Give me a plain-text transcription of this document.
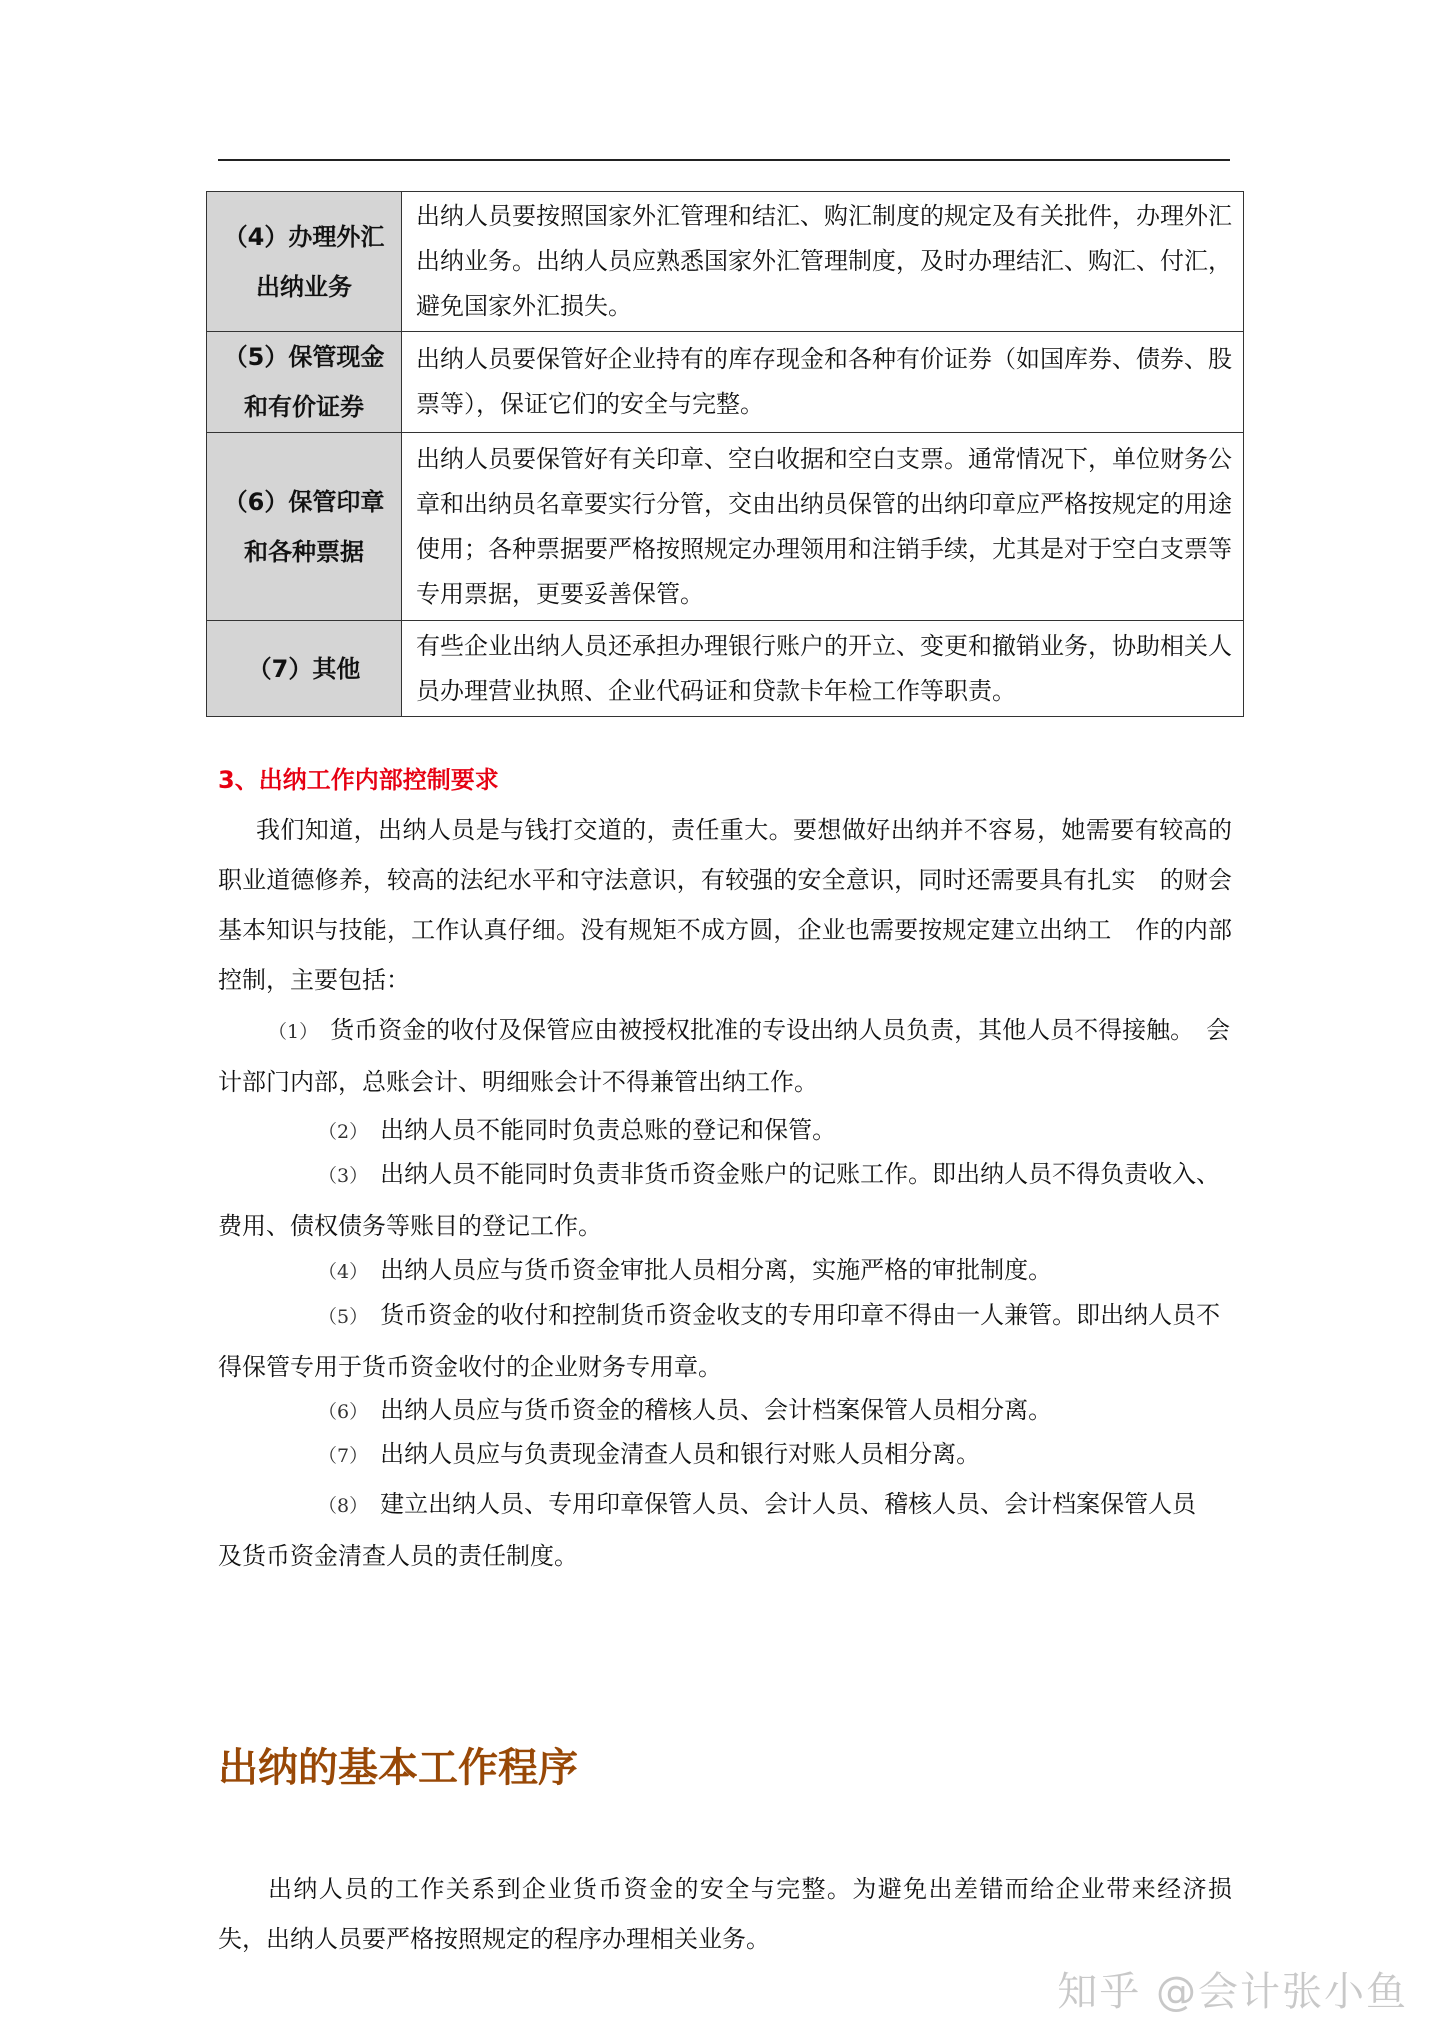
（4）办理外汇
出纳业务	出纳人员要按照国家外汇管理和结汇、购汇制度的规定及有关批件，办理外汇出纳业务。出纳人员应熟悉国家外汇管理制度，及时办理结汇、购汇、付汇，避免国家外汇损失。

（5）保管现金
和有价证券	出纳人员要保管好企业持有的库存现金和各种有价证券（如国库券、债券、股票等），保证它们的安全与完整。

（6）保管印章
和各种票据	出纳人员要保管好有关印章、空白收据和空白支票。通常情况下，单位财务公章和出纳员名章要实行分管，交由出纳员保管的出纳印章应严格按规定的用途使用；各种票据要严格按照规定办理领用和注销手续，尤其是对于空白支票等专用票据，更要妥善保管。

（7）其他	有些企业出纳人员还承担办理银行账户的开立、变更和撤销业务，协助相关人员办理营业执照、企业代码证和贷款卡年检工作等职责。
3、出纳工作内部控制要求
我们知道，出纳人员是与钱打交道的，责任重大。要想做好出纳并不容易，她需要有较高的职业道德修养，较高的法纪水平和守法意识，有较强的安全意识，同时还需要具有扎实　的财会基本知识与技能，工作认真仔细。没有规矩不成方圆，企业也需要按规定建立出纳工　作的内部控制，主要包括：
（1） 货币资金的收付及保管应由被授权批准的专设出纳人员负责，其他人员不得接触。　会计部门内部，总账会计、明细账会计不得兼管出纳工作。
（2） 出纳人员不能同时负责总账的登记和保管。
（3） 出纳人员不能同时负责非货币资金账户的记账工作。即出纳人员不得负责收入、费用、债权债务等账目的登记工作。
（4） 出纳人员应与货币资金审批人员相分离，实施严格的审批制度。
（5） 货币资金的收付和控制货币资金收支的专用印章不得由一人兼管。即出纳人员不得保管专用于货币资金收付的企业财务专用章。
（6） 出纳人员应与货币资金的稽核人员、会计档案保管人员相分离。
（7） 出纳人员应与负责现金清查人员和银行对账人员相分离。
（8） 建立出纳人员、专用印章保管人员、会计人员、稽核人员、会计档案保管人员　及货币资金清查人员的责任制度。
出纳的基本工作程序
出纳人员的工作关系到企业货币资金的安全与完整。为避免出差错而给企业带来经济损　失，出纳人员要严格按照规定的程序办理相关业务。
知乎 @会计张小鱼
